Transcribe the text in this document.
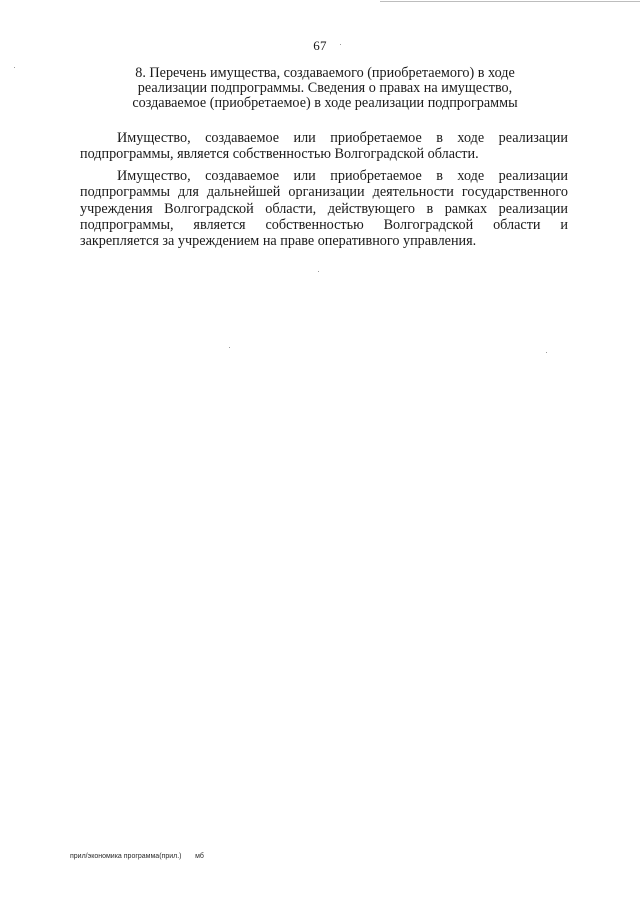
67
8. Перечень имущества, создаваемого (приобретаемого) в ходе
реализации подпрограммы. Сведения о правах на имущество,
создаваемое (приобретаемое) в ходе реализации подпрограммы

Имущество, создаваемое или приобретаемое в ходе реализации подпрограммы, является собственностью Волгоградской области.

Имущество, создаваемое или приобретаемое в ходе реализации подпрограммы для дальнейшей организации деятельности государственного учреждения Волгоградской области, действующего в рамках реализации подпрограммы, является собственностью Волгоградской области и закрепляется за учреждением на праве оперативного управления.

прил/экономика программа(прил.) мб
